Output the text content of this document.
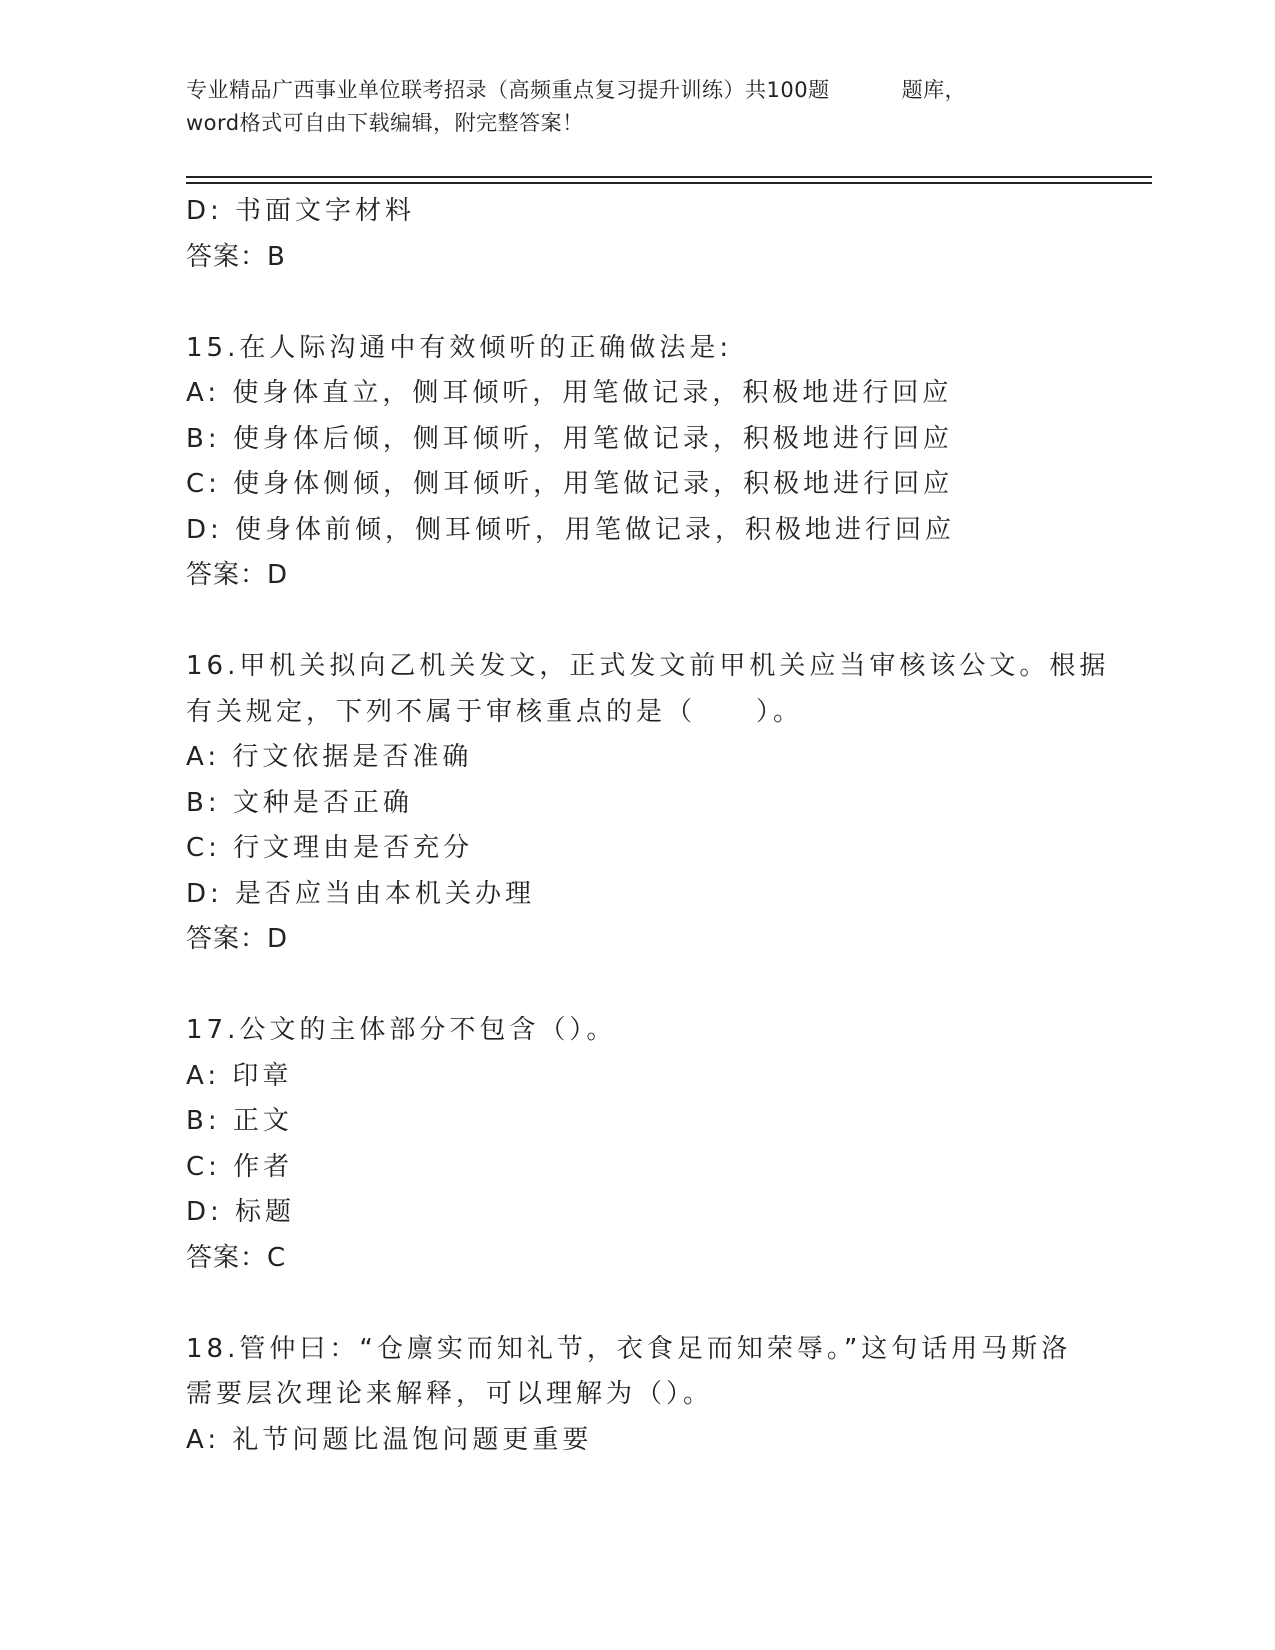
专业精品广西事业单位联考招录（高频重点复习提升训练）共100题	题库，
word格式可自由下载编辑，附完整答案！
D: 书面文字材料
答案：B
15.在人际沟通中有效倾听的正确做法是:
A: 使身体直立，侧耳倾听，用笔做记录，积极地进行回应
B: 使身体后倾，侧耳倾听，用笔做记录，积极地进行回应
C: 使身体侧倾，侧耳倾听，用笔做记录，积极地进行回应
D: 使身体前倾，侧耳倾听，用笔做记录，积极地进行回应
答案：D
16.甲机关拟向乙机关发文，正式发文前甲机关应当审核该公文。根据
有关规定，下列不属于审核重点的是（　　）。
A: 行文依据是否准确
B: 文种是否正确
C: 行文理由是否充分
D: 是否应当由本机关办理
答案：D
17.公文的主体部分不包含（）。
A: 印章
B: 正文
C: 作者
D: 标题
答案：C
18.管仲曰：“仓廪实而知礼节，衣食足而知荣辱。”这句话用马斯洛
需要层次理论来解释，可以理解为（）。
A: 礼节问题比温饱问题更重要
